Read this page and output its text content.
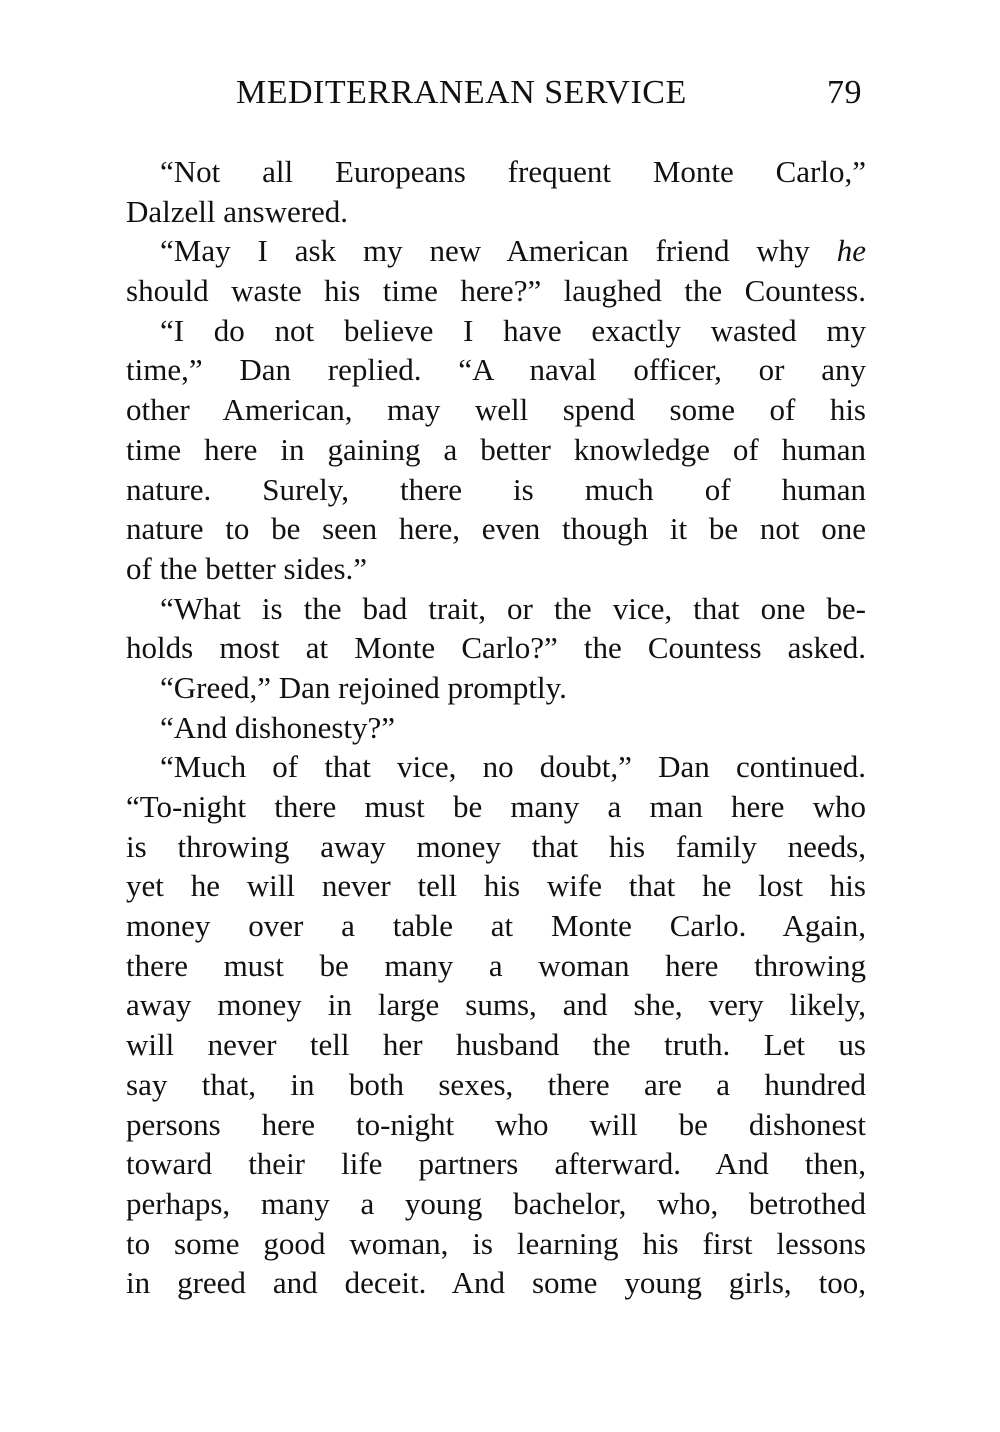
MEDITERRANEAN SERVICE	79
“Not all Europeans frequent Monte Carlo,”
Dalzell answered.
“May I ask my new American friend why he
should waste his time here?” laughed the Countess.
“I do not believe I have exactly wasted my
time,” Dan replied. “A naval officer, or any
other American, may well spend some of his
time here in gaining a better knowledge of human
nature. Surely, there is much of human
nature to be seen here, even though it be not one
of the better sides.”
“What is the bad trait, or the vice, that one be-
holds most at Monte Carlo?” the Countess asked.
“Greed,” Dan rejoined promptly.
“And dishonesty?”
“Much of that vice, no doubt,” Dan continued.
“To-night there must be many a man here who
is throwing away money that his family needs,
yet he will never tell his wife that he lost his
money over a table at Monte Carlo. Again,
there must be many a woman here throwing
away money in large sums, and she, very likely,
will never tell her husband the truth. Let us
say that, in both sexes, there are a hundred
persons here to-night who will be dishonest
toward their life partners afterward. And then,
perhaps, many a young bachelor, who, betrothed
to some good woman, is learning his first lessons
in greed and deceit. And some young girls, too,
